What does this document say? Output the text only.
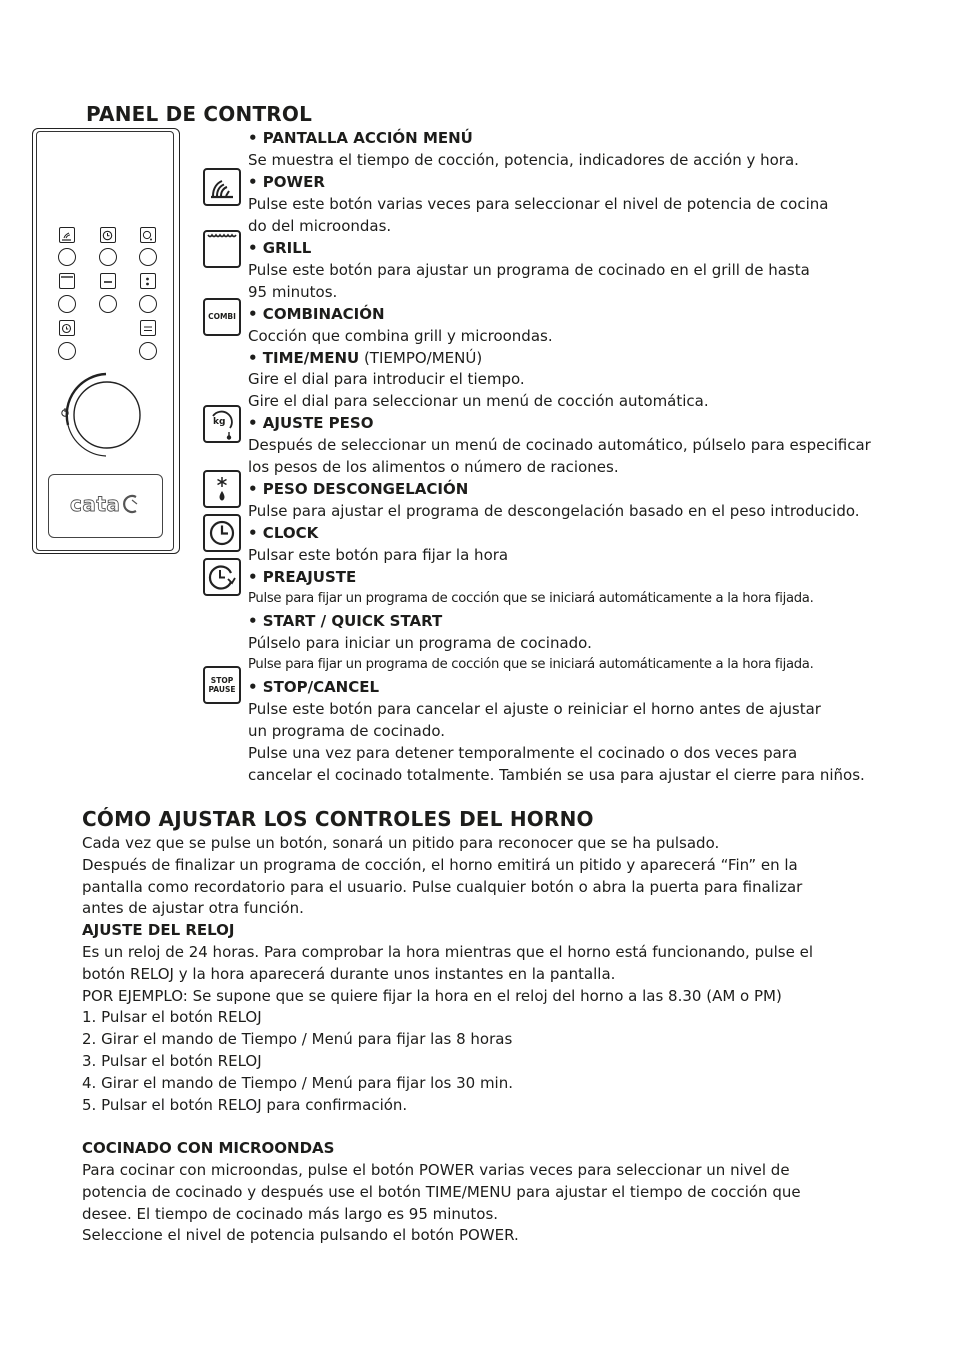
PANEL DE CONTROL
cata
COMBI
kg
STOP
PAUSE
• PANTALLA ACCIÓN MENÚ
Se muestra el tiempo de cocción, potencia, indicadores de acción y hora.
• POWER
Pulse este botón varias veces para seleccionar el nivel de potencia de cocina
do del microondas.
• GRILL
Pulse este botón para ajustar un programa de cocinado en el grill de hasta
95 minutos.
• COMBINACIÓN
Cocción que combina grill y microondas.
• TIME/MENU (TIEMPO/MENÚ)
Gire el dial para introducir el tiempo.
Gire el dial para seleccionar un menú de cocción automática.
• AJUSTE PESO
Después de seleccionar un menú de cocinado automático, púlselo para especificar
los pesos de los alimentos o número de raciones.
• PESO DESCONGELACIÓN
Pulse para ajustar el programa de descongelación basado en el peso introducido.
• CLOCK
Pulsar este botón para fijar la hora
• PREAJUSTE
Pulse para fijar un programa de cocción que se iniciará automáticamente a la hora fijada.
• START / QUICK START
Púlselo para iniciar un programa de cocinado.
Pulse para fijar un programa de cocción que se iniciará automáticamente a la hora fijada.
• STOP/CANCEL
Pulse este botón para cancelar el ajuste o reiniciar el horno antes de ajustar
un programa de cocinado.
Pulse una vez para detener temporalmente el cocinado o dos veces para
cancelar el cocinado totalmente. También se usa para ajustar el cierre para niños.
CÓMO AJUSTAR LOS CONTROLES DEL HORNO
Cada vez que se pulse un botón, sonará un pitido para reconocer que se ha pulsado.
Después de finalizar un programa de cocción, el horno emitirá un pitido y aparecerá “Fin” en la
pantalla como recordatorio para el usuario. Pulse cualquier botón o abra la puerta para finalizar
antes de ajustar otra función.
AJUSTE DEL RELOJ
Es un reloj de 24 horas. Para comprobar la hora mientras que el horno está funcionando, pulse el
botón RELOJ y la hora aparecerá durante unos instantes en la pantalla.
POR EJEMPLO: Se supone que se quiere fijar la hora en el reloj del horno a las 8.30 (AM o PM)
1. Pulsar el botón RELOJ
2. Girar el mando de Tiempo / Menú para fijar las 8 horas
3. Pulsar el botón RELOJ
4. Girar el mando de Tiempo / Menú para fijar los 30 min.
5. Pulsar el botón RELOJ para confirmación.
COCINADO CON MICROONDAS
Para cocinar con microondas, pulse el botón POWER varias veces para seleccionar un nivel de
potencia de cocinado y después use el botón TIME/MENU para ajustar el tiempo de cocción que
desee. El tiempo de cocinado más largo es 95 minutos.
Seleccione el nivel de potencia pulsando el botón POWER.
